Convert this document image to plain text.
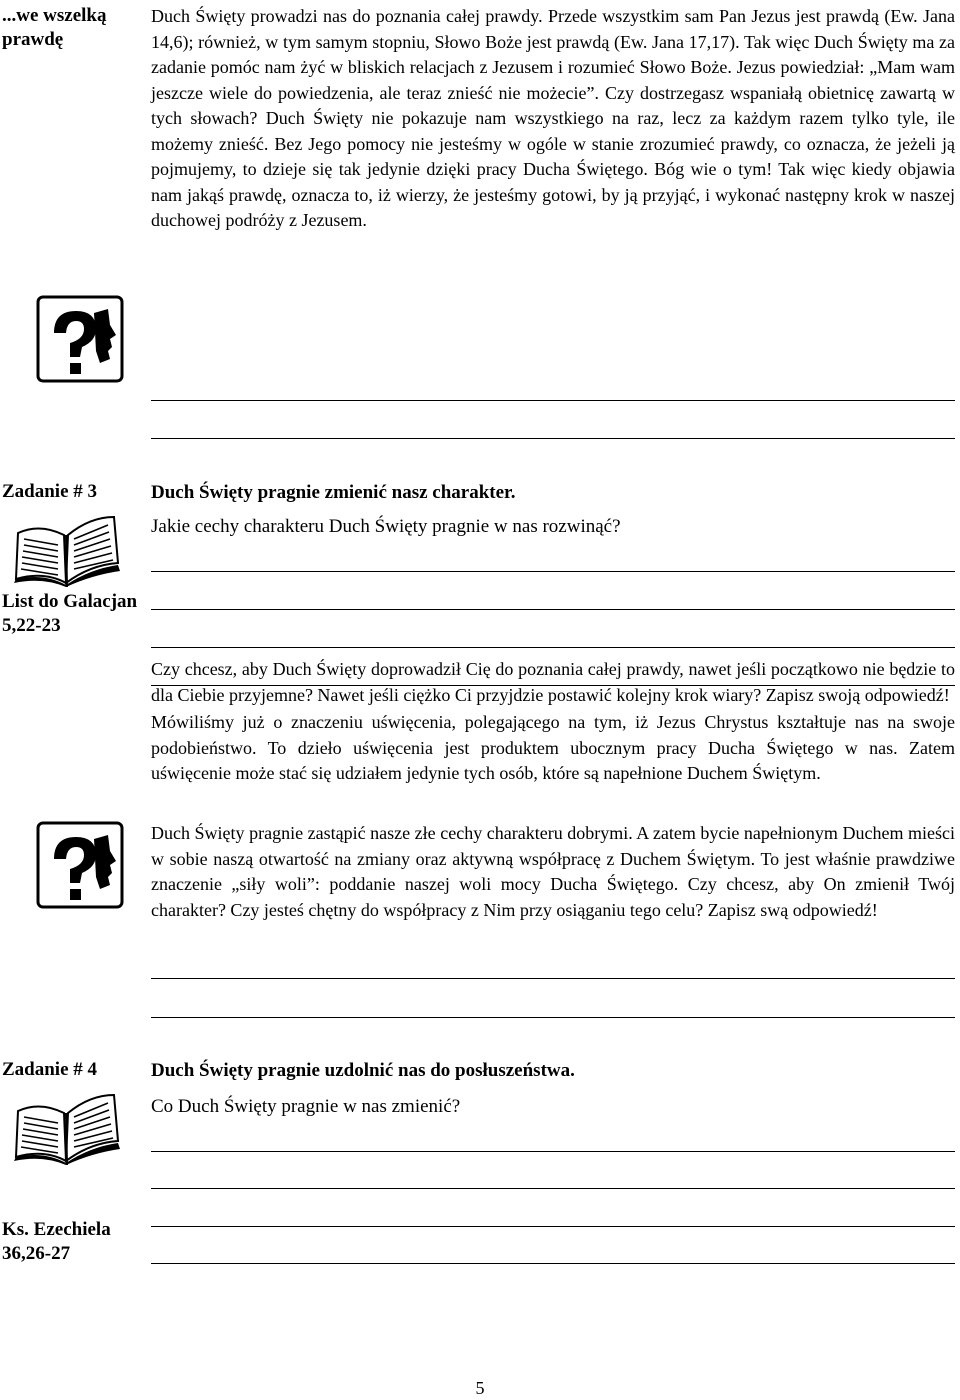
...we wszelką prawdę
Duch Święty prowadzi nas do poznania całej prawdy. Przede wszystkim sam Pan Jezus jest prawdą (Ew. Jana 14,6); również, w tym samym stopniu, Słowo Boże jest prawdą (Ew. Jana 17,17). Tak więc Duch Święty ma za zadanie pomóc nam żyć w bliskich relacjach z Jezusem i rozumieć Słowo Boże. Jezus powiedział: „Mam wam jeszcze wiele do powiedzenia, ale teraz znieść nie możecie”. Czy dostrzegasz wspaniałą obietnicę zawartą w tych słowach? Duch Święty nie pokazuje nam wszystkiego na raz, lecz za każdym razem tylko tyle, ile możemy znieść. Bez Jego pomocy nie jesteśmy w ogóle w stanie zrozumieć prawdy, co oznacza, że jeżeli ją pojmujemy, to dzieje się tak jedynie dzięki pracy Ducha Świętego. Bóg wie o tym! Tak więc kiedy objawia nam jakąś prawdę, oznacza to, iż wierzy, że jesteśmy gotowi, by ją przyjąć, i wykonać następny krok w naszej duchowej podróży z Jezusem.
Czy chcesz, aby Duch Święty doprowadził Cię do poznania całej prawdy, nawet jeśli początkowo nie będzie to dla Ciebie przyjemne? Nawet jeśli ciężko Ci przyjdzie postawić kolejny krok wiary? Zapisz swoją odpowiedź!
Zadanie # 3	Duch Święty pragnie zmienić nasz charakter.
Jakie cechy charakteru Duch Święty pragnie w nas rozwinąć?
List do Galacjan 5,22-23
Mówiliśmy już o znaczeniu uświęcenia, polegającego na tym, iż Jezus Chrystus kształtuje nas na swoje podobieństwo. To dzieło uświęcenia jest produktem ubocznym pracy Ducha Świętego w nas. Zatem uświęcenie może stać się udziałem jedynie tych osób, które są napełnione Duchem Świętym.
Duch Święty pragnie zastąpić nasze złe cechy charakteru dobrymi. A zatem bycie napełnionym Duchem mieści w sobie naszą otwartość na zmiany oraz aktywną współpracę z Duchem Świętym. To jest właśnie prawdziwe znaczenie „siły woli”: poddanie naszej woli mocy Ducha Świętego. Czy chcesz, aby On zmienił Twój charakter? Czy jesteś chętny do współpracy z Nim przy osiąganiu tego celu? Zapisz swą odpowiedź!
Zadanie # 4	Duch Święty pragnie uzdolnić nas do posłuszeństwa.
Co Duch Święty pragnie w nas zmienić?
Ks. Ezechiela 36,26-27
5
